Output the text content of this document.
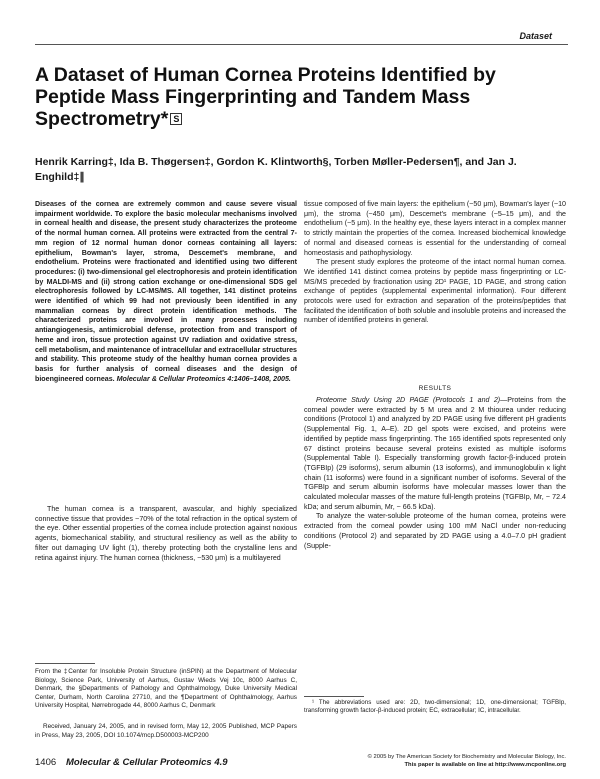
Dataset
A Dataset of Human Cornea Proteins Identified by Peptide Mass Fingerprinting and Tandem Mass Spectrometry* S
Henrik Karring‡, Ida B. Thøgersen‡, Gordon K. Klintworth§, Torben Møller-Pedersen¶, and Jan J. Enghild‡∥
Diseases of the cornea are extremely common and cause severe visual impairment worldwide. To explore the basic molecular mechanisms involved in corneal health and disease, the present study characterizes the proteome of the normal human cornea. All proteins were extracted from the central 7-mm region of 12 normal human donor corneas containing all layers: epithelium, Bowman's layer, stroma, Descemet's membrane, and endothelium. Proteins were fractionated and identified using two different procedures: (i) two-dimensional gel electrophoresis and protein identification by MALDI-MS and (ii) strong cation exchange or one-dimensional SDS gel electrophoresis followed by LC-MS/MS. All together, 141 distinct proteins were identified of which 99 had not previously been identified in any mammalian corneas by direct protein identification methods. The characterized proteins are involved in many processes including antiangiogenesis, antimicrobial defense, protection from and transport of heme and iron, tissue protection against UV radiation and oxidative stress, cell metabolism, and maintenance of intracellular and extracellular structures and stability. This proteome study of the healthy human cornea provides a basis for further analysis of corneal diseases and the design of bioengineered corneas. Molecular & Cellular Proteomics 4:1406–1408, 2005.
The human cornea is a transparent, avascular, and highly specialized connective tissue that provides ~70% of the total refraction in the optical system of the eye. Other essential properties of the cornea include protection against noxious agents, biomechanical stability, and structural resiliency as well as the ability to filter out damaging UV light (1), thereby protecting both the crystalline lens and retina against injury. The human cornea (thickness, ~530 μm) is a multilayered
From the ‡Center for Insoluble Protein Structure (inSPIN) at the Department of Molecular Biology, Science Park, University of Aarhus, Gustav Wieds Vej 10c, 8000 Aarhus C, Denmark, the §Departments of Pathology and Ophthalmology, Duke University Medical Center, Durham, North Carolina 27710, and the ¶Department of Ophthalmology, Aarhus University Hospital, Nørrebrogade 44, 8000 Aarhus C, Denmark
Received, January 24, 2005, and in revised form, May 12, 2005 Published, MCP Papers in Press, May 23, 2005, DOI 10.1074/mcp.D500003-MCP200

tissue composed of five main layers: the epithelium (~50 μm), Bowman's layer (~10 μm), the stroma (~450 μm), Descemet's membrane (~5–15 μm), and the endothelium (~5 μm). In the healthy eye, these layers interact in a complex manner to strictly maintain the properties of the cornea. Increased biochemical knowledge of normal and diseased corneas is essential for the understanding of corneal homeostasis and pathophysiology.

The present study explores the proteome of the intact normal human cornea. We identified 141 distinct cornea proteins by peptide mass fingerprinting or LC-MS/MS preceded by fractionation using 2D¹ PAGE, 1D PAGE, and strong cation exchange of peptides (supplemental experimental information). Four different protocols were used for extraction and separation of the proteins/peptides that facilitated the identification of both soluble and insoluble proteins and increased the number of identified proteins in general.

RESULTS

Proteome Study Using 2D PAGE (Protocols 1 and 2)—Proteins from the corneal powder were extracted by 5 M urea and 2 M thiourea under reducing conditions (Protocol 1) and analyzed by 2D PAGE using five different pH gradients (Supplemental Fig. 1, A–E). 2D gel spots were excised, and proteins were identified by peptide mass fingerprinting. The 165 identified spots represented only 67 distinct proteins because several proteins existed as multiple isoforms (Supplemental Table I). Especially transforming growth factor-β-induced protein (TGFBIp) (29 isoforms), serum albumin (13 isoforms), and immunoglobulin κ light chain (11 isoforms) were found in a significant number of isoforms. Several of the TGFBIp and serum albumin isoforms have molecular masses lower than the calculated molecular masses of the mature full-length proteins (TGFBIp, Mr, ~ 72.4 kDa; and serum albumin, Mr, ~ 66.5 kDa).

To analyze the water-soluble proteome of the human cornea, proteins were extracted from the corneal powder using 100 mM NaCl under non-reducing conditions (Protocol 2) and separated by 2D PAGE using a 4.0–7.0 pH gradient (Supple-

¹ The abbreviations used are: 2D, two-dimensional; 1D, one-dimensional; TGFBIp, transforming growth factor-β-induced protein; EC, extracellular; IC, intracellular.
1406 Molecular & Cellular Proteomics 4.9	© 2005 by The American Society for Biochemistry and Molecular Biology, Inc.
This paper is available on line at http://www.mcponline.org
